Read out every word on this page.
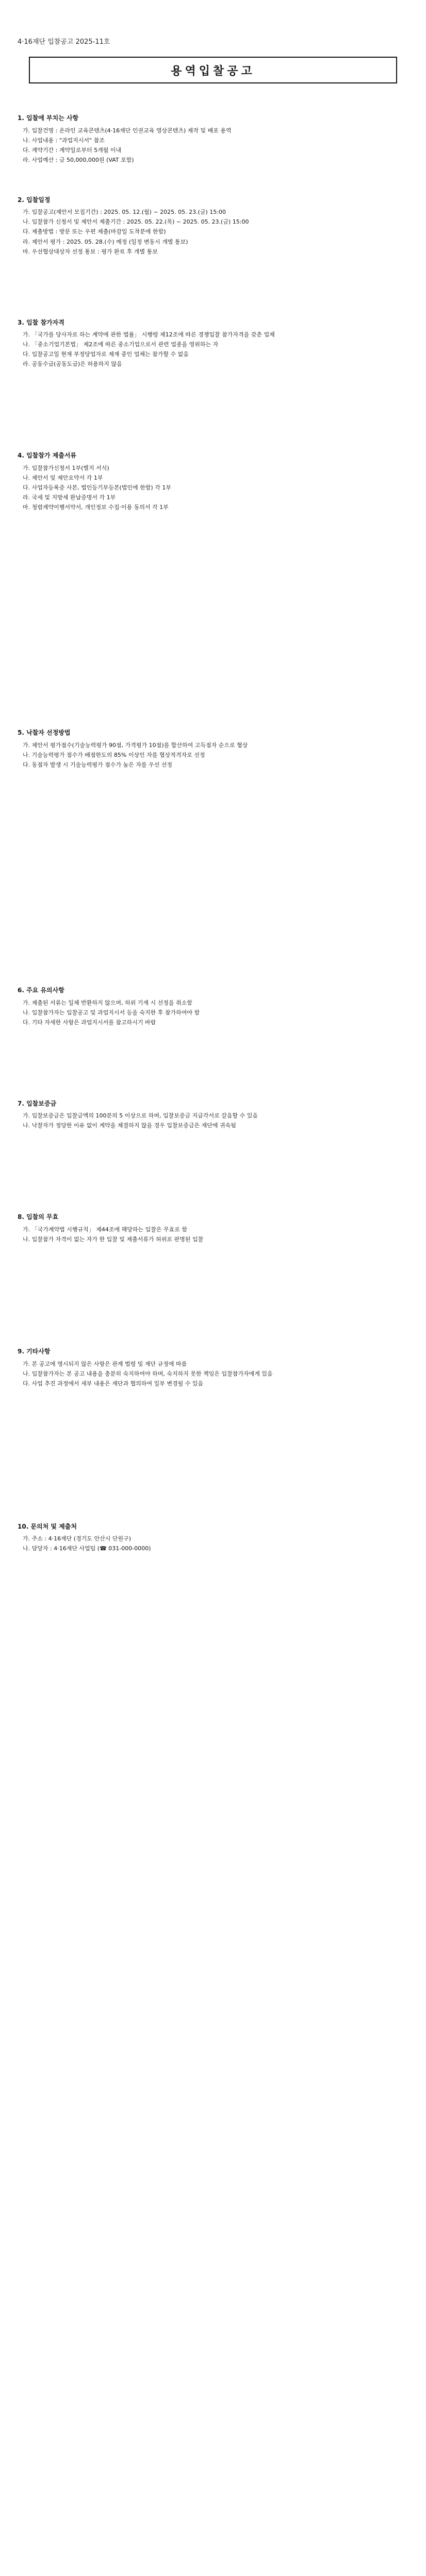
4·16재단 입찰공고 2025-11호
용역입찰공고
1. 입찰에 부치는 사항
가. 입찰건명 : 온라인 교육콘텐츠(4·16재단 인권교육 영상콘텐츠) 제작 및 배포 용역
나. 사업내용 : "과업지시서" 참조
다. 계약기간 : 계약일로부터 5개월 이내
라. 사업예산 : 금 50,000,000원 (VAT 포함)
2. 입찰일정
가. 입찰공고(제안서 모집기간) : 2025. 05. 12.(월) ~ 2025. 05. 23.(금) 15:00
나. 입찰참가 신청서 및 제안서 제출기간 : 2025. 05. 22.(목) ~ 2025. 05. 23.(금) 15:00
다. 제출방법 : 방문 또는 우편 제출(마감일 도착분에 한함)
라. 제안서 평가 : 2025. 05. 28.(수) 예정 (일정 변동시 개별 통보)
마. 우선협상대상자 선정 통보 : 평가 완료 후 개별 통보
3. 입찰 참가자격
가. 「국가를 당사자로 하는 계약에 관한 법률」 시행령 제12조에 따른 경쟁입찰 참가자격을 갖춘 업체
나. 「중소기업기본법」 제2조에 따른 중소기업으로서 관련 업종을 영위하는 자
다. 입찰공고일 현재 부정당업자로 제재 중인 업체는 참가할 수 없음
라. 공동수급(공동도급)은 허용하지 않음
4. 입찰참가 제출서류
가. 입찰참가신청서 1부(별지 서식)
나. 제안서 및 제안요약서 각 1부
다. 사업자등록증 사본, 법인등기부등본(법인에 한함) 각 1부
라. 국세 및 지방세 완납증명서 각 1부
마. 청렴계약이행서약서, 개인정보 수집·이용 동의서 각 1부
5. 낙찰자 선정방법
가. 제안서 평가점수(기술능력평가 90점, 가격평가 10점)를 합산하여 고득점자 순으로 협상
나. 기술능력평가 점수가 배점한도의 85% 이상인 자를 협상적격자로 선정
다. 동점자 발생 시 기술능력평가 점수가 높은 자를 우선 선정
6. 주요 유의사항
가. 제출된 서류는 일체 반환하지 않으며, 허위 기재 시 선정을 취소함
나. 입찰참가자는 입찰공고 및 과업지시서 등을 숙지한 후 참가하여야 함
다. 기타 자세한 사항은 과업지시서를 참고하시기 바람
7. 입찰보증금
가. 입찰보증금은 입찰금액의 100분의 5 이상으로 하며, 입찰보증금 지급각서로 갈음할 수 있음
나. 낙찰자가 정당한 이유 없이 계약을 체결하지 않을 경우 입찰보증금은 재단에 귀속됨
8. 입찰의 무효
가. 「국가계약법 시행규칙」 제44조에 해당하는 입찰은 무효로 함
나. 입찰참가 자격이 없는 자가 한 입찰 및 제출서류가 허위로 판명된 입찰
9. 기타사항
가. 본 공고에 명시되지 않은 사항은 관계 법령 및 재단 규정에 따름
나. 입찰참가자는 본 공고 내용을 충분히 숙지하여야 하며, 숙지하지 못한 책임은 입찰참가자에게 있음
다. 사업 추진 과정에서 세부 내용은 재단과 협의하여 일부 변경될 수 있음
10. 문의처 및 제출처
가. 주소 : 4·16재단 (경기도 안산시 단원구)
나. 담당자 : 4·16재단 사업팀 (☎ 031-000-0000)
